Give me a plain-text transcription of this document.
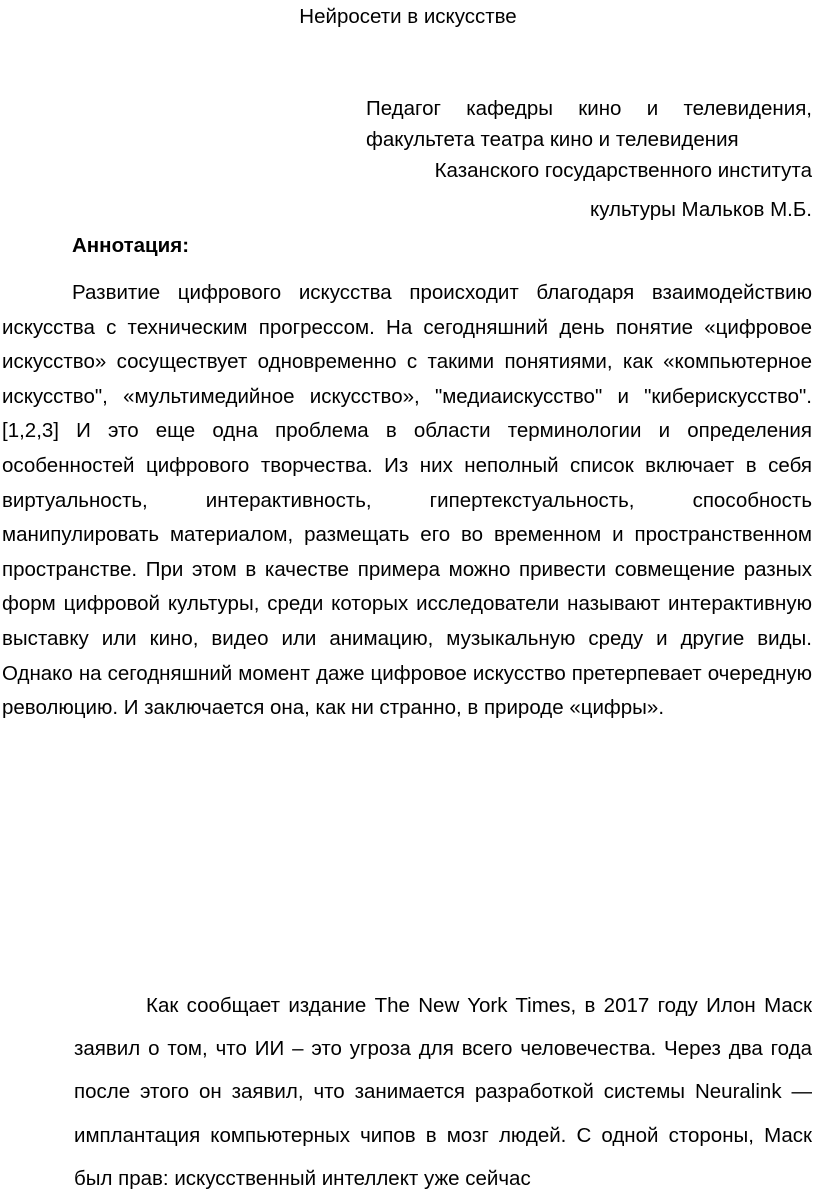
Нейросети в искусстве
Педагог кафедры кино и телевидения,
факультета театра кино и телевидения
Казанского государственного института
культуры Мальков М.Б.
Аннотация:

Развитие цифрового искусства происходит благодаря взаимодействию искусства с техническим прогрессом. На сегодняшний день понятие «цифровое искусство» сосуществует одновременно с такими понятиями, как «компьютерное искусство", «мультимедийное искусство», "медиаискусство" и "киберискусство". [1,2,3] И это еще одна проблема в области терминологии и определения особенностей цифрового творчества. Из них неполный список включает в себя виртуальность, интерактивность, гипертекстуальность, способность манипулировать материалом, размещать его во временном и пространственном пространстве. При этом в качестве примера можно привести совмещение разных форм цифровой культуры, среди которых исследователи называют интерактивную выставку или кино, видео или анимацию, музыкальную среду и другие виды. Однако на сегодняшний момент даже цифровое искусство претерпевает очередную революцию. И заключается она, как ни странно, в природе «цифры».

Как сообщает издание The New York Times, в 2017 году Илон Маск заявил о том, что ИИ – это угроза для всего человечества. Через два года после этого он заявил, что занимается разработкой системы Neuralink — имплантация компьютерных чипов в мозг людей. С одной стороны, Маск был прав: искусственный интеллект уже сейчас
